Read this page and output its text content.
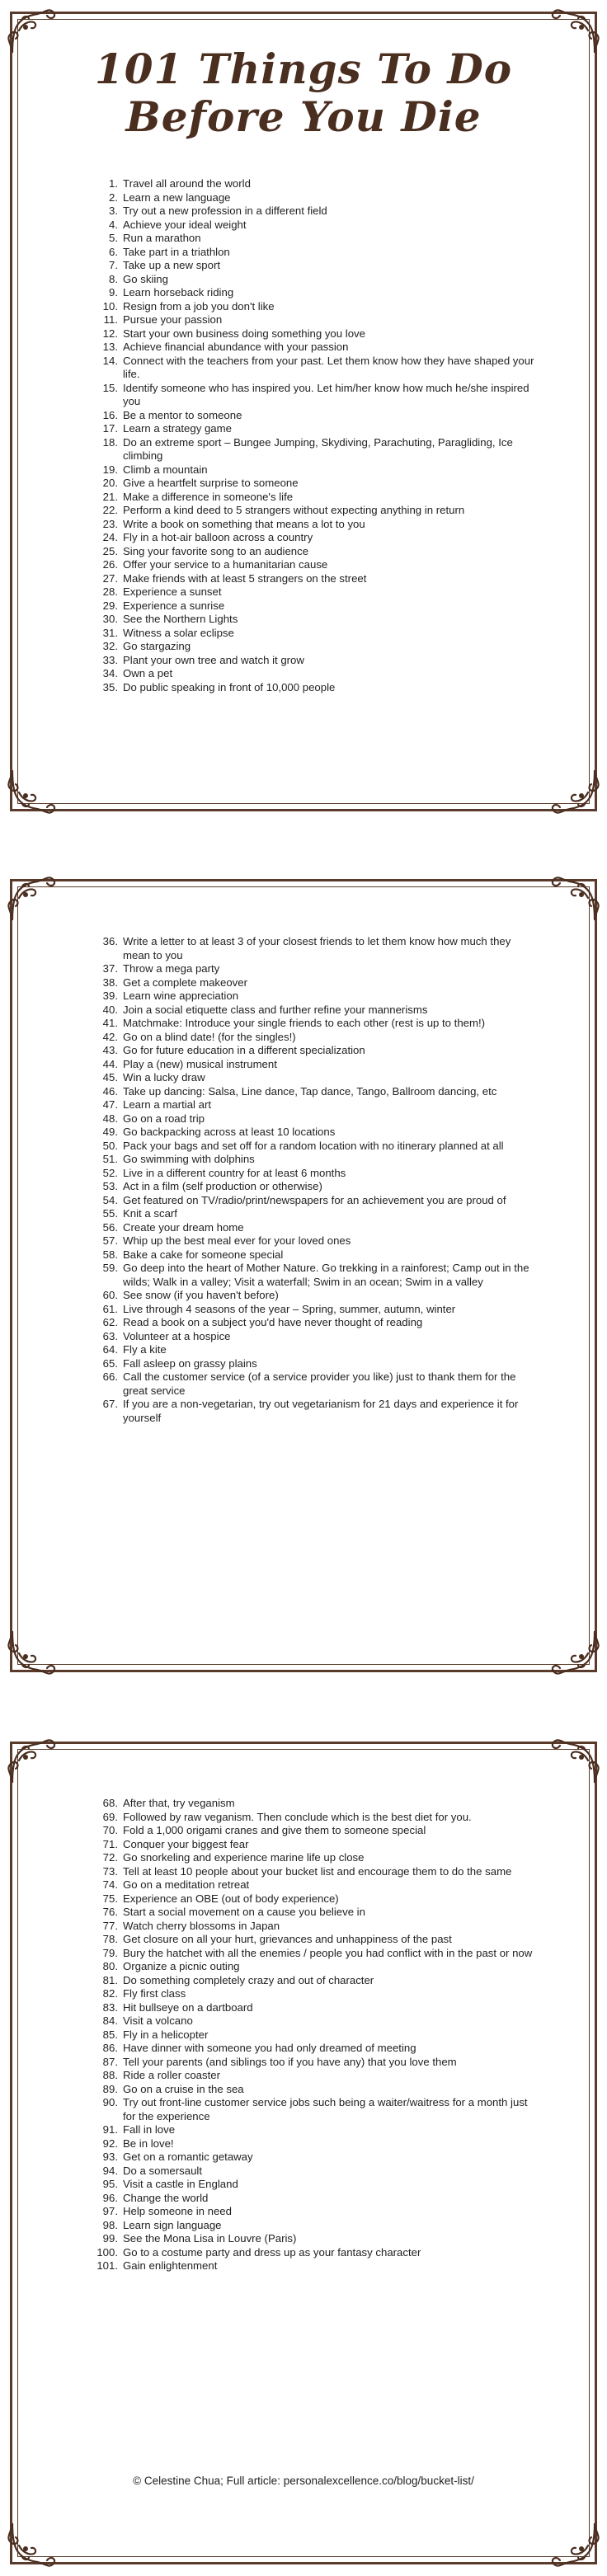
101 Things To Do
Before You Die
1. Travel all around the world
2. Learn a new language
3. Try out a new profession in a different field
4. Achieve your ideal weight
5. Run a marathon
6. Take part in a triathlon
7. Take up a new sport
8. Go skiing
9. Learn horseback riding
10. Resign from a job you don't like
11. Pursue your passion
12. Start your own business doing something you love
13. Achieve financial abundance with your passion
14. Connect with the teachers from your past. Let them know how they have shaped your life.
15. Identify someone who has inspired you. Let him/her know how much he/she inspired you
16. Be a mentor to someone
17. Learn a strategy game
18. Do an extreme sport – Bungee Jumping, Skydiving, Parachuting, Paragliding, Ice climbing
19. Climb a mountain
20. Give a heartfelt surprise to someone
21. Make a difference in someone's life
22. Perform a kind deed to 5 strangers without expecting anything in return
23. Write a book on something that means a lot to you
24. Fly in a hot-air balloon across a country
25. Sing your favorite song to an audience
26. Offer your service to a humanitarian cause
27. Make friends with at least 5 strangers on the street
28. Experience a sunset
29. Experience a sunrise
30. See the Northern Lights
31. Witness a solar eclipse
32. Go stargazing
33. Plant your own tree and watch it grow
34. Own a pet
35. Do public speaking in front of 10,000 people
36. Write a letter to at least 3 of your closest friends to let them know how much they mean to you
37. Throw a mega party
38. Get a complete makeover
39. Learn wine appreciation
40. Join a social etiquette class and further refine your mannerisms
41. Matchmake: Introduce your single friends to each other (rest is up to them!)
42. Go on a blind date! (for the singles!)
43. Go for future education in a different specialization
44. Play a (new) musical instrument
45. Win a lucky draw
46. Take up dancing: Salsa, Line dance, Tap dance, Tango, Ballroom dancing, etc
47. Learn a martial art
48. Go on a road trip
49. Go backpacking across at least 10 locations
50. Pack your bags and set off for a random location with no itinerary planned at all
51. Go swimming with dolphins
52. Live in a different country for at least 6 months
53. Act in a film (self production or otherwise)
54. Get featured on TV/radio/print/newspapers for an achievement you are proud of
55. Knit a scarf
56. Create your dream home
57. Whip up the best meal ever for your loved ones
58. Bake a cake for someone special
59. Go deep into the heart of Mother Nature. Go trekking in a rainforest; Camp out in the wilds; Walk in a valley; Visit a waterfall; Swim in an ocean; Swim in a valley
60. See snow (if you haven't before)
61. Live through 4 seasons of the year – Spring, summer, autumn, winter
62. Read a book on a subject you'd have never thought of reading
63. Volunteer at a hospice
64. Fly a kite
65. Fall asleep on grassy plains
66. Call the customer service (of a service provider you like) just to thank them for the great service
67. If you are a non-vegetarian, try out vegetarianism for 21 days and experience it for yourself
68. After that, try veganism
69. Followed by raw veganism. Then conclude which is the best diet for you.
70. Fold a 1,000 origami cranes and give them to someone special
71. Conquer your biggest fear
72. Go snorkeling and experience marine life up close
73. Tell at least 10 people about your bucket list and encourage them to do the same
74. Go on a meditation retreat
75. Experience an OBE (out of body experience)
76. Start a social movement on a cause you believe in
77. Watch cherry blossoms in Japan
78. Get closure on all your hurt, grievances and unhappiness of the past
79. Bury the hatchet with all the enemies / people you had conflict with in the past or now
80. Organize a picnic outing
81. Do something completely crazy and out of character
82. Fly first class
83. Hit bullseye on a dartboard
84. Visit a volcano
85. Fly in a helicopter
86. Have dinner with someone you had only dreamed of meeting
87. Tell your parents (and siblings too if you have any) that you love them
88. Ride a roller coaster
89. Go on a cruise in the sea
90. Try out front-line customer service jobs such being a waiter/waitress for a month just for the experience
91. Fall in love
92. Be in love!
93. Get on a romantic getaway
94. Do a somersault
95. Visit a castle in England
96. Change the world
97. Help someone in need
98. Learn sign language
99. See the Mona Lisa in Louvre (Paris)
100. Go to a costume party and dress up as your fantasy character
101. Gain enlightenment
© Celestine Chua; Full article: personalexcellence.co/blog/bucket-list/
